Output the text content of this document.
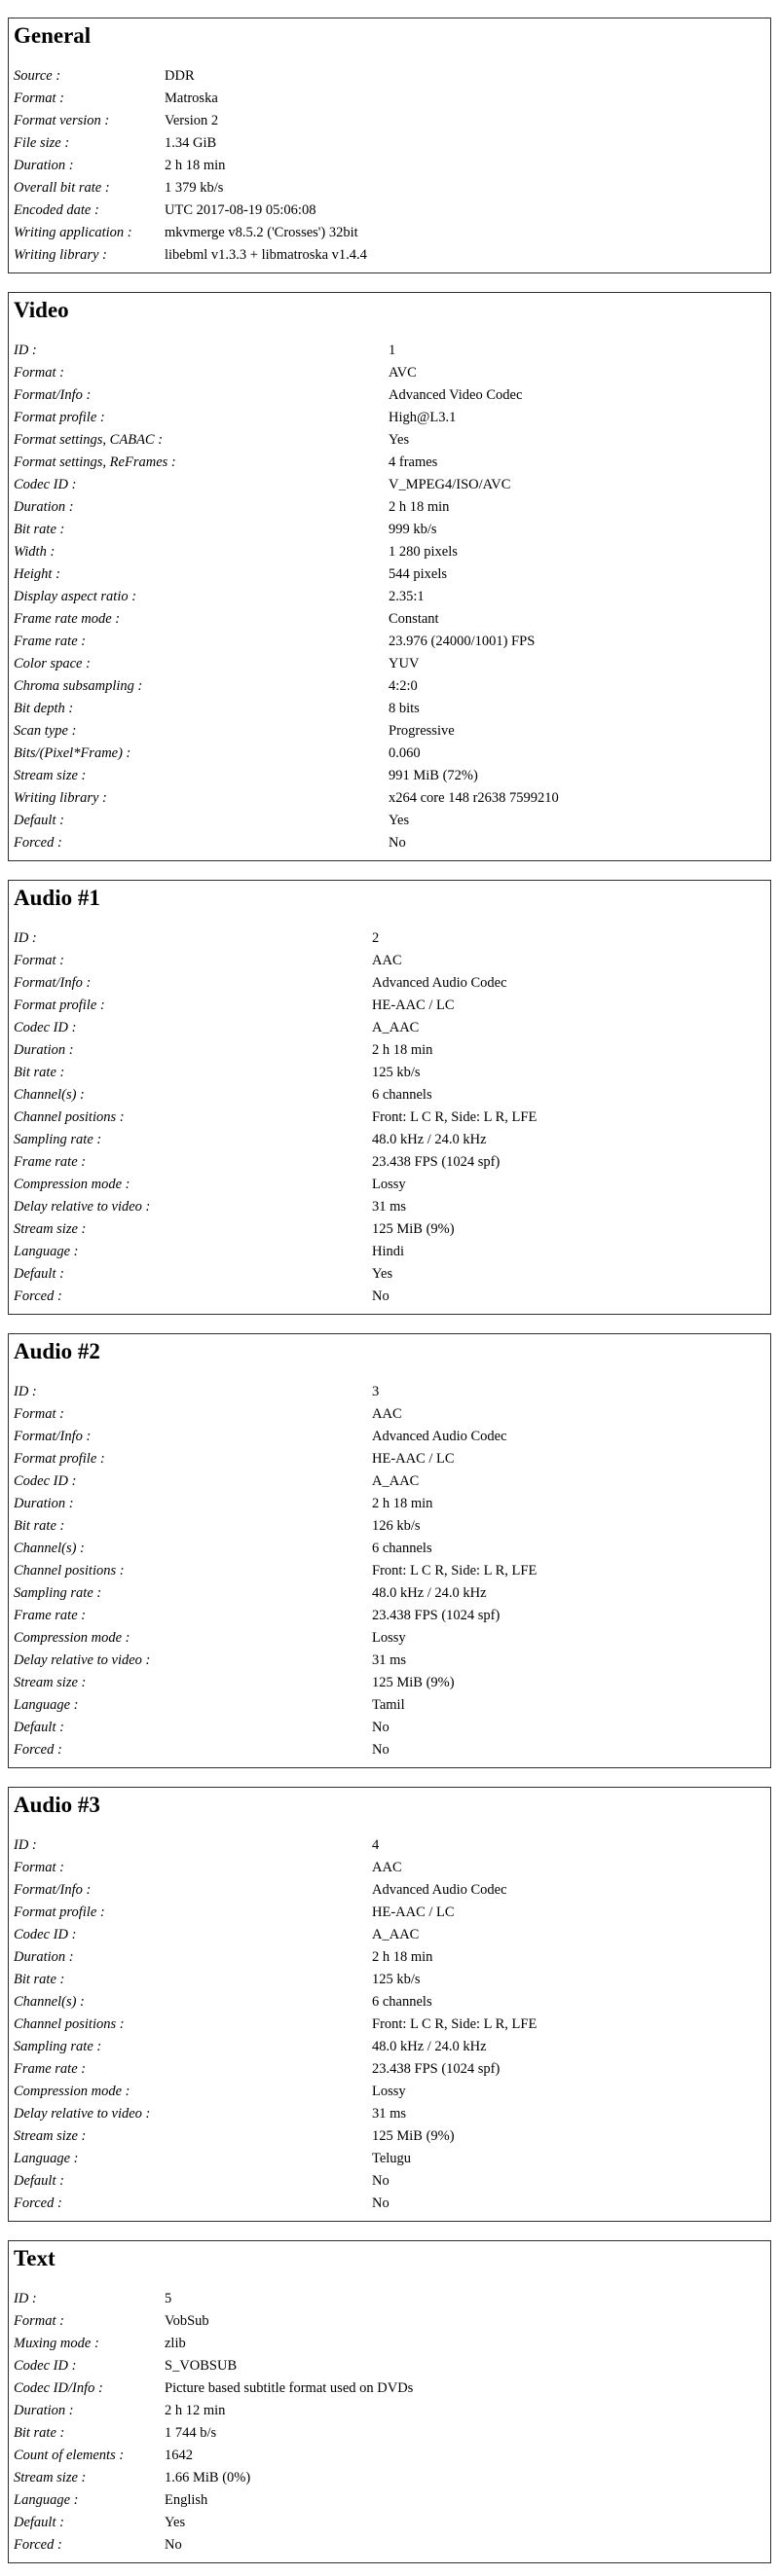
General
Source :	DDR
Format :	Matroska
Format version :	Version 2
File size :	1.34 GiB
Duration :	2 h 18 min
Overall bit rate :	1 379 kb/s
Encoded date :	UTC 2017-08-19 05:06:08
Writing application :	mkvmerge v8.5.2 ('Crosses') 32bit
Writing library :	libebml v1.3.3 + libmatroska v1.4.4
Video
ID :	1
Format :	AVC
Format/Info :	Advanced Video Codec
Format profile :	High@L3.1
Format settings, CABAC :	Yes
Format settings, ReFrames :	4 frames
Codec ID :	V_MPEG4/ISO/AVC
Duration :	2 h 18 min
Bit rate :	999 kb/s
Width :	1 280 pixels
Height :	544 pixels
Display aspect ratio :	2.35:1
Frame rate mode :	Constant
Frame rate :	23.976 (24000/1001) FPS
Color space :	YUV
Chroma subsampling :	4:2:0
Bit depth :	8 bits
Scan type :	Progressive
Bits/(Pixel*Frame) :	0.060
Stream size :	991 MiB (72%)
Writing library :	x264 core 148 r2638 7599210
Default :	Yes
Forced :	No
Audio #1
ID :	2
Format :	AAC
Format/Info :	Advanced Audio Codec
Format profile :	HE-AAC / LC
Codec ID :	A_AAC
Duration :	2 h 18 min
Bit rate :	125 kb/s
Channel(s) :	6 channels
Channel positions :	Front: L C R, Side: L R, LFE
Sampling rate :	48.0 kHz / 24.0 kHz
Frame rate :	23.438 FPS (1024 spf)
Compression mode :	Lossy
Delay relative to video :	31 ms
Stream size :	125 MiB (9%)
Language :	Hindi
Default :	Yes
Forced :	No
Audio #2
ID :	3
Format :	AAC
Format/Info :	Advanced Audio Codec
Format profile :	HE-AAC / LC
Codec ID :	A_AAC
Duration :	2 h 18 min
Bit rate :	126 kb/s
Channel(s) :	6 channels
Channel positions :	Front: L C R, Side: L R, LFE
Sampling rate :	48.0 kHz / 24.0 kHz
Frame rate :	23.438 FPS (1024 spf)
Compression mode :	Lossy
Delay relative to video :	31 ms
Stream size :	125 MiB (9%)
Language :	Tamil
Default :	No
Forced :	No
Audio #3
ID :	4
Format :	AAC
Format/Info :	Advanced Audio Codec
Format profile :	HE-AAC / LC
Codec ID :	A_AAC
Duration :	2 h 18 min
Bit rate :	125 kb/s
Channel(s) :	6 channels
Channel positions :	Front: L C R, Side: L R, LFE
Sampling rate :	48.0 kHz / 24.0 kHz
Frame rate :	23.438 FPS (1024 spf)
Compression mode :	Lossy
Delay relative to video :	31 ms
Stream size :	125 MiB (9%)
Language :	Telugu
Default :	No
Forced :	No
Text
ID :	5
Format :	VobSub
Muxing mode :	zlib
Codec ID :	S_VOBSUB
Codec ID/Info :	Picture based subtitle format used on DVDs
Duration :	2 h 12 min
Bit rate :	1 744 b/s
Count of elements :	1642
Stream size :	1.66 MiB (0%)
Language :	English
Default :	Yes
Forced :	No
